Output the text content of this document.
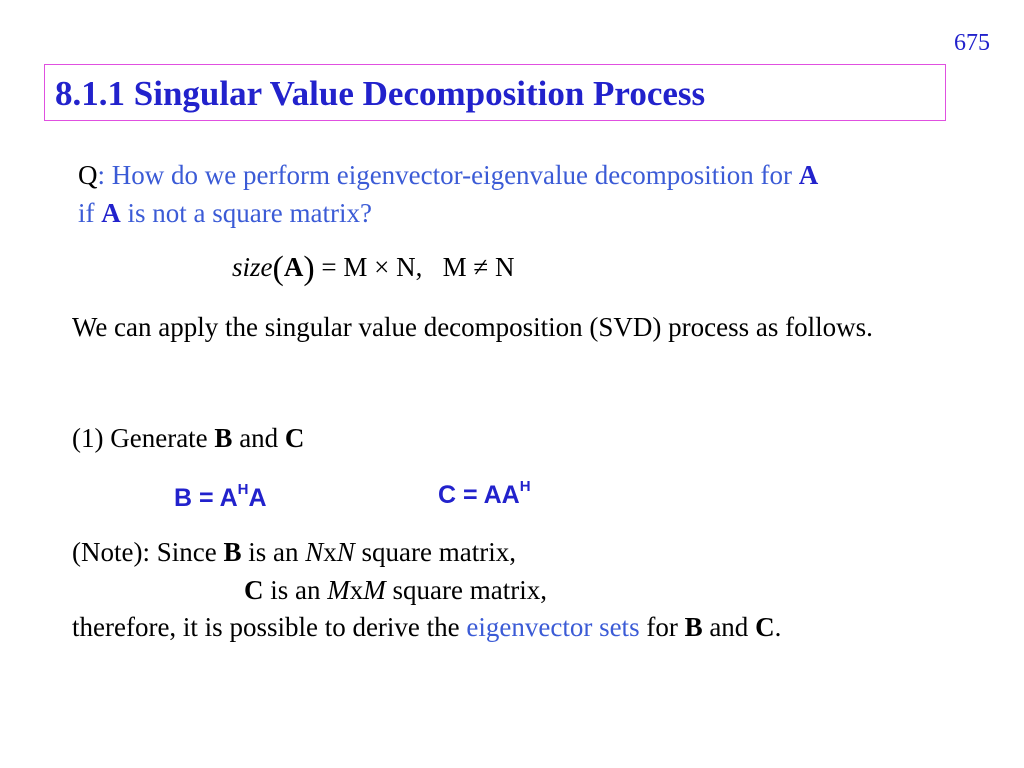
675
8.1.1 Singular Value Decomposition Process
Q: How do we perform eigenvector-eigenvalue decomposition for A
if A is not a square matrix?
size(A) = M × N, M ≠ N
We can apply the singular value decomposition (SVD) process as follows.
(1) Generate B and C
$B = A^HA$	$C = AA^H$
(Note): Since B is an NxN square matrix,
C is an MxM square matrix,
therefore, it is possible to derive the eigenvector sets for B and C.
